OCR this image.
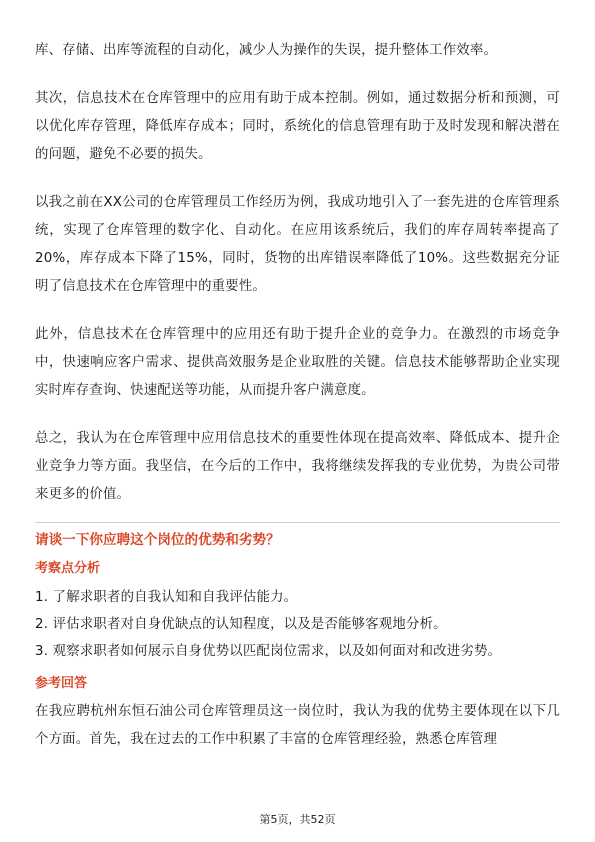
库、存储、出库等流程的自动化，减少人为操作的失误，提升整体工作效率。

其次，信息技术在仓库管理中的应用有助于成本控制。例如，通过数据分析和预测，可以优化库存管理，降低库存成本；同时，系统化的信息管理有助于及时发现和解决潜在的问题，避免不必要的损失。

以我之前在XX公司的仓库管理员工作经历为例，我成功地引入了一套先进的仓库管理系统，实现了仓库管理的数字化、自动化。在应用该系统后，我们的库存周转率提高了20%，库存成本下降了15%，同时，货物的出库错误率降低了10%。这些数据充分证明了信息技术在仓库管理中的重要性。

此外，信息技术在仓库管理中的应用还有助于提升企业的竞争力。在激烈的市场竞争中，快速响应客户需求、提供高效服务是企业取胜的关键。信息技术能够帮助企业实现实时库存查询、快速配送等功能，从而提升客户满意度。

总之，我认为在仓库管理中应用信息技术的重要性体现在提高效率、降低成本、提升企业竞争力等方面。我坚信，在今后的工作中，我将继续发挥我的专业优势，为贵公司带来更多的价值。

请谈一下你应聘这个岗位的优势和劣势？
考察点分析
1. 了解求职者的自我认知和自我评估能力。
2. 评估求职者对自身优缺点的认知程度，以及是否能够客观地分析。
3. 观察求职者如何展示自身优势以匹配岗位需求，以及如何面对和改进劣势。
参考回答

在我应聘杭州东恒石油公司仓库管理员这一岗位时，我认为我的优势主要体现在以下几个方面。首先，我在过去的工作中积累了丰富的仓库管理经验，熟悉仓库管理

第5页，共52页
